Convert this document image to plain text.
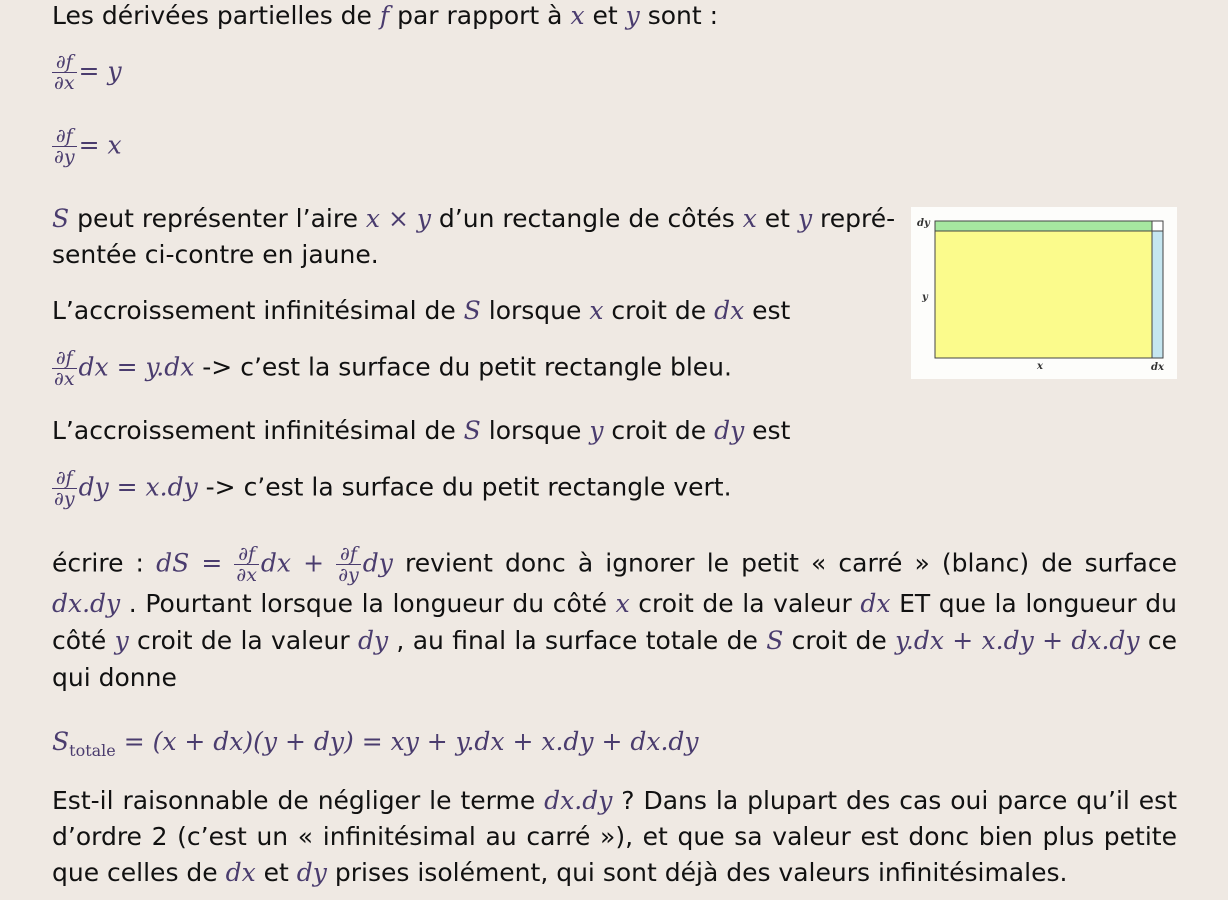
Les dérivées partielles de f par rapport à x et y sont :
$\frac{\partial f}{\partial x} = y$
$\frac{\partial f}{\partial y} = x$
S peut représenter l’aire x × y d’un rectangle de côtés x et y repré-
sentée ci-contre en jaune.
L’accroissement infinitésimal de S lorsque x croit de dx est
$\frac{\partial f}{\partial x}$ dx = y.dx -> c’est la surface du petit rectangle bleu.
L’accroissement infinitésimal de S lorsque y croit de dy est
$\frac{\partial f}{\partial y}$ dy = x.dy -> c’est la surface du petit rectangle vert.
écrire : dS = $\frac{\partial f}{\partial x}$ dx + $\frac{\partial f}{\partial y}$ dy revient donc à ignorer le petit « carré » (blanc) de surface dx.dy . Pourtant lorsque la longueur du côté x croit de la valeur dx ET que la longueur du côté y croit de la valeur dy , au final la surface totale de S croit de y.dx + x.dy + dx.dy ce qui donne
$S_{totale} = (x + dx)(y + dy)$ = xy + y.dx + x.dy + dx.dy
Est-il raisonnable de négliger le terme dx.dy ? Dans la plupart des cas oui parce qu’il est d’ordre 2 (c’est un « infinitésimal au carré »), et que sa valeur est donc bien plus petite que celles de dx et dy prises isolément, qui sont déjà des valeurs infinitésimales.
dy
y
x	dx
